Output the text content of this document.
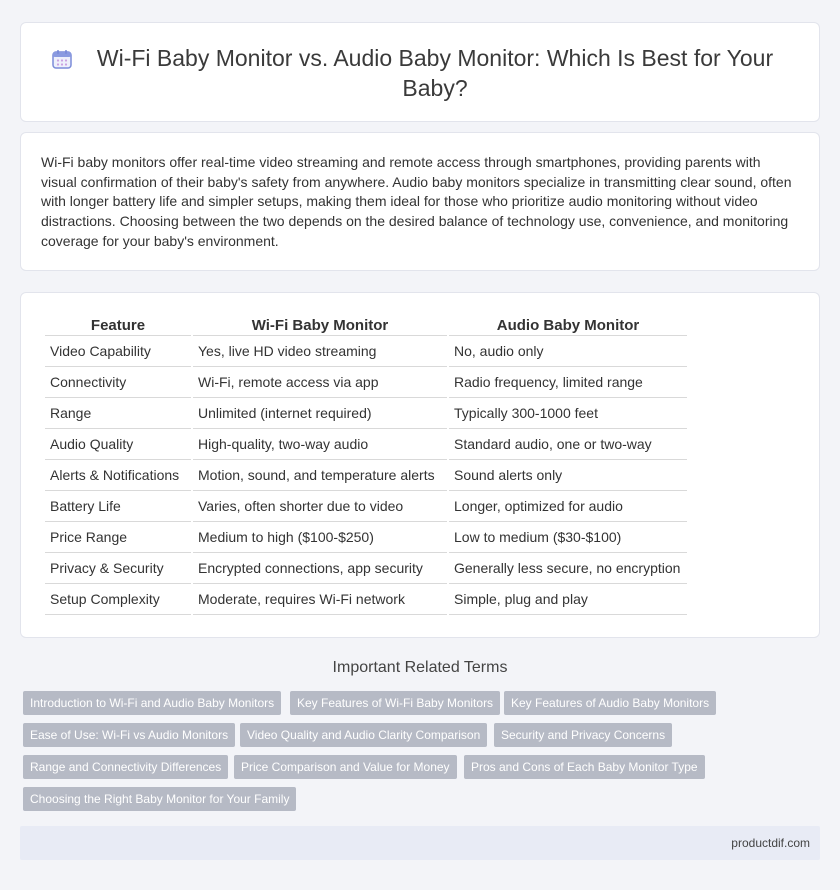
Wi-Fi Baby Monitor vs. Audio Baby Monitor: Which Is Best for Your Baby?

Wi-Fi baby monitors offer real-time video streaming and remote access through smartphones, providing parents with visual confirmation of their baby's safety from anywhere. Audio baby monitors specialize in transmitting clear sound, often with longer battery life and simpler setups, making them ideal for those who prioritize audio monitoring without video distractions. Choosing between the two depends on the desired balance of technology use, convenience, and monitoring coverage for your baby's environment.

Feature	Wi-Fi Baby Monitor	Audio Baby Monitor
Video Capability	Yes, live HD video streaming	No, audio only
Connectivity	Wi-Fi, remote access via app	Radio frequency, limited range
Range	Unlimited (internet required)	Typically 300-1000 feet
Audio Quality	High-quality, two-way audio	Standard audio, one or two-way
Alerts & Notifications	Motion, sound, and temperature alerts	Sound alerts only
Battery Life	Varies, often shorter due to video	Longer, optimized for audio
Price Range	Medium to high ($100-$250)	Low to medium ($30-$100)
Privacy & Security	Encrypted connections, app security	Generally less secure, no encryption
Setup Complexity	Moderate, requires Wi-Fi network	Simple, plug and play
Important Related Terms
Introduction to Wi-Fi and Audio Baby Monitors	Key Features of Wi-Fi Baby Monitors	Key Features of Audio Baby Monitors
Ease of Use: Wi-Fi vs Audio Monitors	Video Quality and Audio Clarity Comparison	Security and Privacy Concerns
Range and Connectivity Differences	Price Comparison and Value for Money	Pros and Cons of Each Baby Monitor Type
Choosing the Right Baby Monitor for Your Family
productdif.com
